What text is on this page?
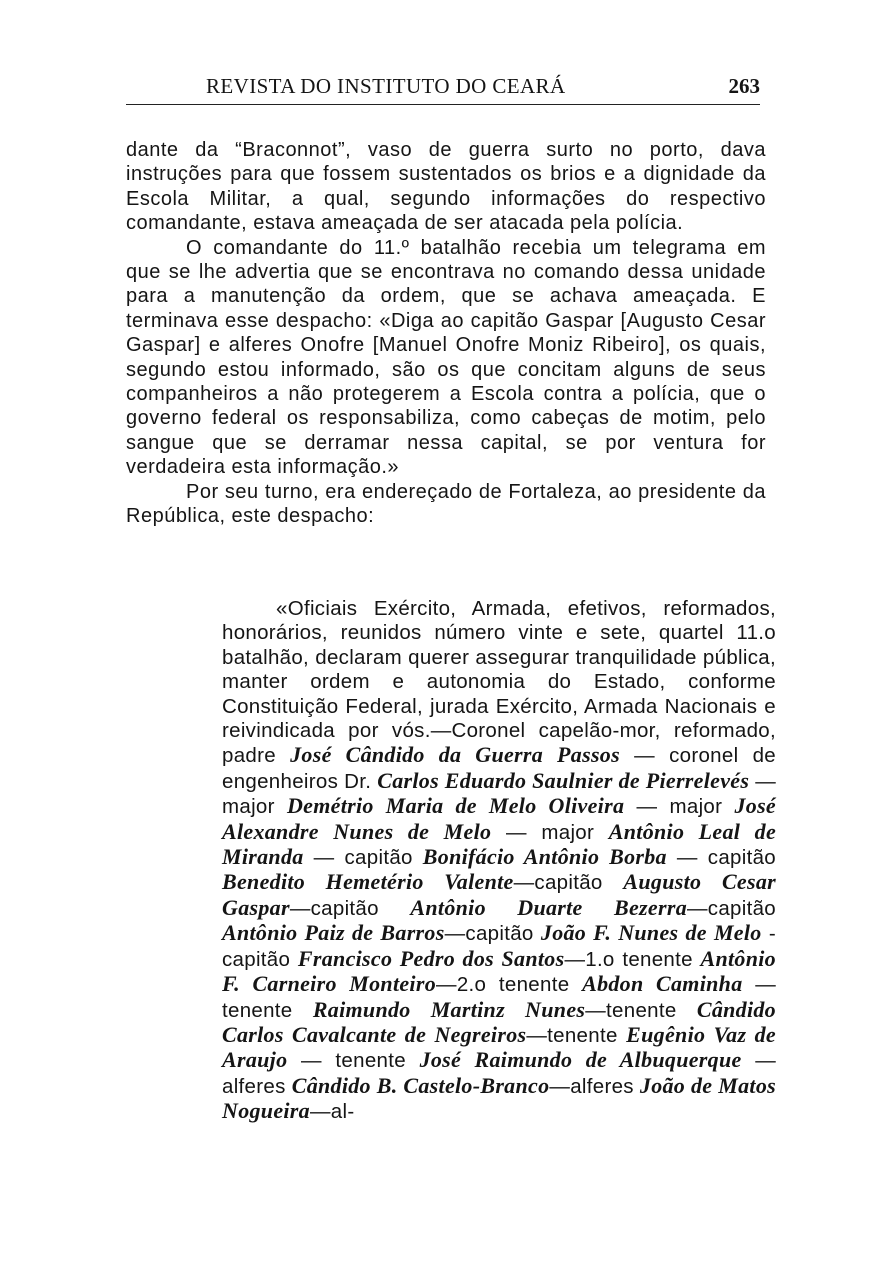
REVISTA DO INSTITUTO DO CEARÁ	263

dante da “Braconnot”, vaso de guerra surto no porto, dava instruções para que fossem sustentados os brios e a dignidade da Escola Militar, a qual, segundo informações do respectivo comandante, estava ameaçada de ser atacada pela polícia.

O comandante do 11.º batalhão recebia um telegrama em que se lhe advertia que se encontrava no comando dessa unidade para a manutenção da ordem, que se achava ameaçada. E terminava esse despacho: «Diga ao capitão Gaspar [Augusto Cesar Gaspar] e alferes Onofre [Manuel Onofre Moniz Ribeiro], os quais, segundo estou informado, são os que concitam alguns de seus companheiros a não protegerem a Escola contra a polícia, que o governo federal os responsabiliza, como cabeças de motim, pelo sangue que se derramar nessa capital, se por ventura for verdadeira esta informação.»

Por seu turno, era endereçado de Fortaleza, ao presidente da República, este despacho:

«Oficiais Exército, Armada, efetivos, reformados, honorários, reunidos número vinte e sete, quartel 11.o batalhão, declaram querer assegurar tranquilidade pública, manter ordem e autonomia do Estado, conforme Constituição Federal, jurada Exército, Armada Nacionais e reivindicada por vós.—Coronel capelão-mor, reformado, padre José Cândido da Guerra Passos — coronel de engenheiros Dr. Carlos Eduardo Saulnier de Pierrelevés — major Demétrio Maria de Melo Oliveira — major José Alexandre Nunes de Melo — major Antônio Leal de Miranda — capitão Bonifácio Antônio Borba — capitão Benedito Hemetério Valente—capitão Augusto Cesar Gaspar—capitão Antônio Duarte Bezerra—capitão Antônio Paiz de Barros—capitão João F. Nunes de Melo - capitão Francisco Pedro dos Santos—1.o tenente Antônio F. Carneiro Monteiro—2.o tenente Abdon Caminha — tenente Raimundo Martinz Nunes—tenente Cândido Carlos Cavalcante de Negreiros—tenente Eugênio Vaz de Araujo — tenente José Raimundo de Albuquerque — alferes Cândido B. Castelo-Branco—alferes João de Matos Nogueira—al-
